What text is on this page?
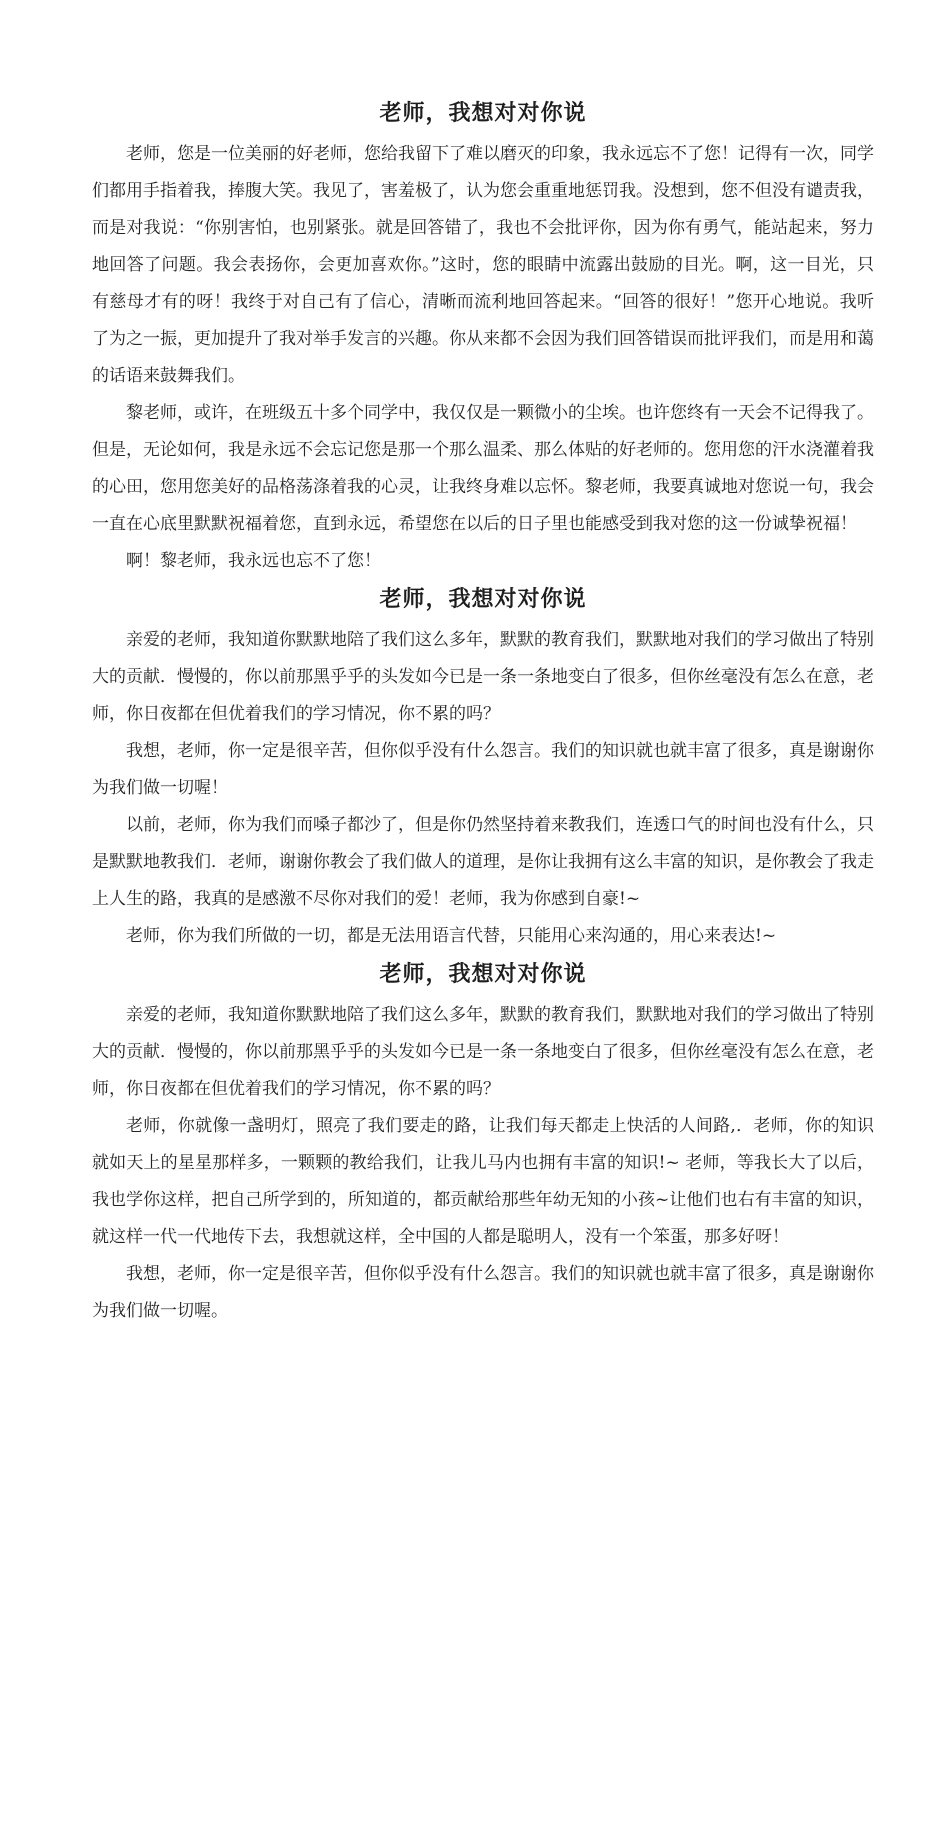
老师，我想对对你说

老师，您是一位美丽的好老师，您给我留下了难以磨灭的印象，我永远忘不了您！记得有一次，同学们都用手指着我，捧腹大笑。我见了，害羞极了，认为您会重重地惩罚我。没想到，您不但没有谴责我，而是对我说：“你别害怕，也别紧张。就是回答错了，我也不会批评你，因为你有勇气，能站起来，努力地回答了问题。我会表扬你，会更加喜欢你。”这时，您的眼睛中流露出鼓励的目光。啊，这一目光，只有慈母才有的呀！我终于对自己有了信心，清晰而流利地回答起来。“回答的很好！”您开心地说。我听了为之一振，更加提升了我对举手发言的兴趣。你从来都不会因为我们回答错误而批评我们，而是用和蔼的话语来鼓舞我们。

黎老师，或许，在班级五十多个同学中，我仅仅是一颗微小的尘埃。也许您终有一天会不记得我了。但是，无论如何，我是永远不会忘记您是那一个那么温柔、那么体贴的好老师的。您用您的汗水浇灌着我的心田，您用您美好的品格荡涤着我的心灵，让我终身难以忘怀。黎老师，我要真诚地对您说一句，我会一直在心底里默默祝福着您，直到永远，希望您在以后的日子里也能感受到我对您的这一份诚挚祝福！

啊！黎老师，我永远也忘不了您！

老师，我想对对你说

亲爱的老师，我知道你默默地陪了我们这么多年，默默的教育我们，默默地对我们的学习做出了特别大的贡献．慢慢的，你以前那黑乎乎的头发如今已是一条一条地变白了很多，但你丝毫没有怎么在意，老师，你日夜都在但优着我们的学习情况，你不累的吗？

我想，老师，你一定是很辛苦，但你似乎没有什么怨言。我们的知识就也就丰富了很多，真是谢谢你为我们做一切喔！

以前，老师，你为我们而嗓子都沙了，但是你仍然坚持着来教我们，连透口气的时间也没有什么，只是默默地教我们．老师，谢谢你教会了我们做人的道理，是你让我拥有这么丰富的知识，是你教会了我走上人生的路，我真的是感激不尽你对我们的爱！老师，我为你感到自豪!~

老师，你为我们所做的一切，都是无法用语言代替，只能用心来沟通的，用心来表达!~

老师，我想对对你说

亲爱的老师，我知道你默默地陪了我们这么多年，默默的教育我们，默默地对我们的学习做出了特别大的贡献．慢慢的，你以前那黑乎乎的头发如今已是一条一条地变白了很多，但你丝毫没有怎么在意，老师，你日夜都在但优着我们的学习情况，你不累的吗？

老师，你就像一盏明灯，照亮了我们要走的路，让我们每天都走上快活的人间路,．老师，你的知识就如天上的星星那样多，一颗颗的教给我们，让我儿马内也拥有丰富的知识!~ 老师，等我长大了以后，我也学你这样，把自己所学到的，所知道的，都贡献给那些年幼无知的小孩~让他们也右有丰富的知识，就这样一代一代地传下去，我想就这样，全中国的人都是聪明人，没有一个笨蛋，那多好呀！

我想，老师，你一定是很辛苦，但你似乎没有什么怨言。我们的知识就也就丰富了很多，真是谢谢你为我们做一切喔。
